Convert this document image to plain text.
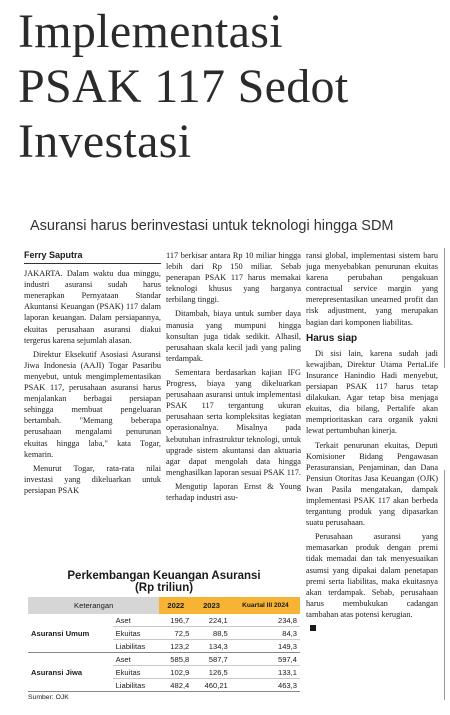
Implementasi
PSAK 117 Sedot
Investasi
Asuransi harus berinvestasi untuk teknologi hingga SDM
Ferry Saputra

JAKARTA. Dalam waktu dua minggu, industri asuransi sudah harus menerapkan Pernyataan Standar Akuntansi Keuangan (PSAK) 117 dalam laporan keuangan. Dalam persiapannya, ekuitas perusahaan asuransi diakui tergerus karena sejumlah alasan.

Direktur Eksekutif Asosiasi Asuransi Jiwa Indonesia (AAJI) Togar Pasaribu menyebut, untuk mengimplementasikan PSAK 117, perusahaan asuransi harus menjalankan berbagai persiapan sehingga membuat pengeluaran bertambah. "Memang beberapa perusahaan mengalami penurunan ekuitas hingga laba," kata Togar, kemarin.

Menurut Togar, rata-rata nilai investasi yang dikeluarkan untuk persiapan PSAK

117 berkisar antara Rp 10 miliar hingga lebih dari Rp 150 miliar. Sebab penerapan PSAK 117 harus memakai teknologi khusus yang harganya terbilang tinggi.

Ditambah, biaya untuk sumber daya manusia yang mumpuni hingga konsultan juga tidak sedikit. Alhasil, perusahaan skala kecil jadi yang paling terdampak.

Sementara berdasarkan kajian IFG Progress, biaya yang dikeluarkan perusahaan asuransi untuk implementasi PSAK 117 tergantung ukuran perusahaan serta kompleksitas kegiatan operasionalnya. Misalnya pada kebutuhan infrastruktur teknologi, untuk upgrade sistem akuntansi dan aktuaria agar dapat mengolah data hingga menghasilkan laporan sesuai PSAK 117.

Mengutip laporan Ernst & Young terhadap industri asu-

ransi global, implementasi sistem baru juga menyebabkan penurunan ekuitas karena perubahan pengakuan contractual service margin yang merepresentasikan unearned profit dan risk adjustment, yang merupakan bagian dari komponen liabilitas.

Harus siap

Di sisi lain, karena sudah jadi kewajiban, Direktur Utama PertaLife Insurance Hanindio Hadi menyebut, persiapan PSAK 117 harus tetap dilakukan. Agar tetap bisa menjaga ekuitas, dia bilang, Pertalife akan memprioritaskan cara organik yakni lewat pertumbuhan kinerja.

Terkait penurunan ekuitas, Deputi Komisioner Bidang Pengawasan Perasuransian, Penjaminan, dan Dana Pensiun Otoritas Jasa Keuangan (OJK) Iwan Pasila mengatakan, dampak implementasi PSAK 117 akan berbeda tergantung produk yang dipasarkan suatu perusahaan.

Perusahaan asuransi yang memasarkan produk dengan premi tidak memadai dan tak menyesuaikan asumsi yang dipakai dalam penetapan premi serta liabilitas, maka ekuitasnya akan terdampak. Sebab, perusahaan harus membukukan cadangan tambahan atas potensi kerugian.

Perkembangan Keuangan Asuransi
(Rp triliun)
Keterangan		2022	2023	Kuartal III 2024
Asuransi Umum	Aset	196,7	224,1	234,8
	Ekuitas	72,5	88,5	84,3
	Liabilitas	123,2	134,3	149,3
Asuransi Jiwa	Aset	585,8	587,7	597,4
	Ekuitas	102,9	126,5	133,1
	Liabilitas	482,4	460,21	463,3
Sumber: OJK
